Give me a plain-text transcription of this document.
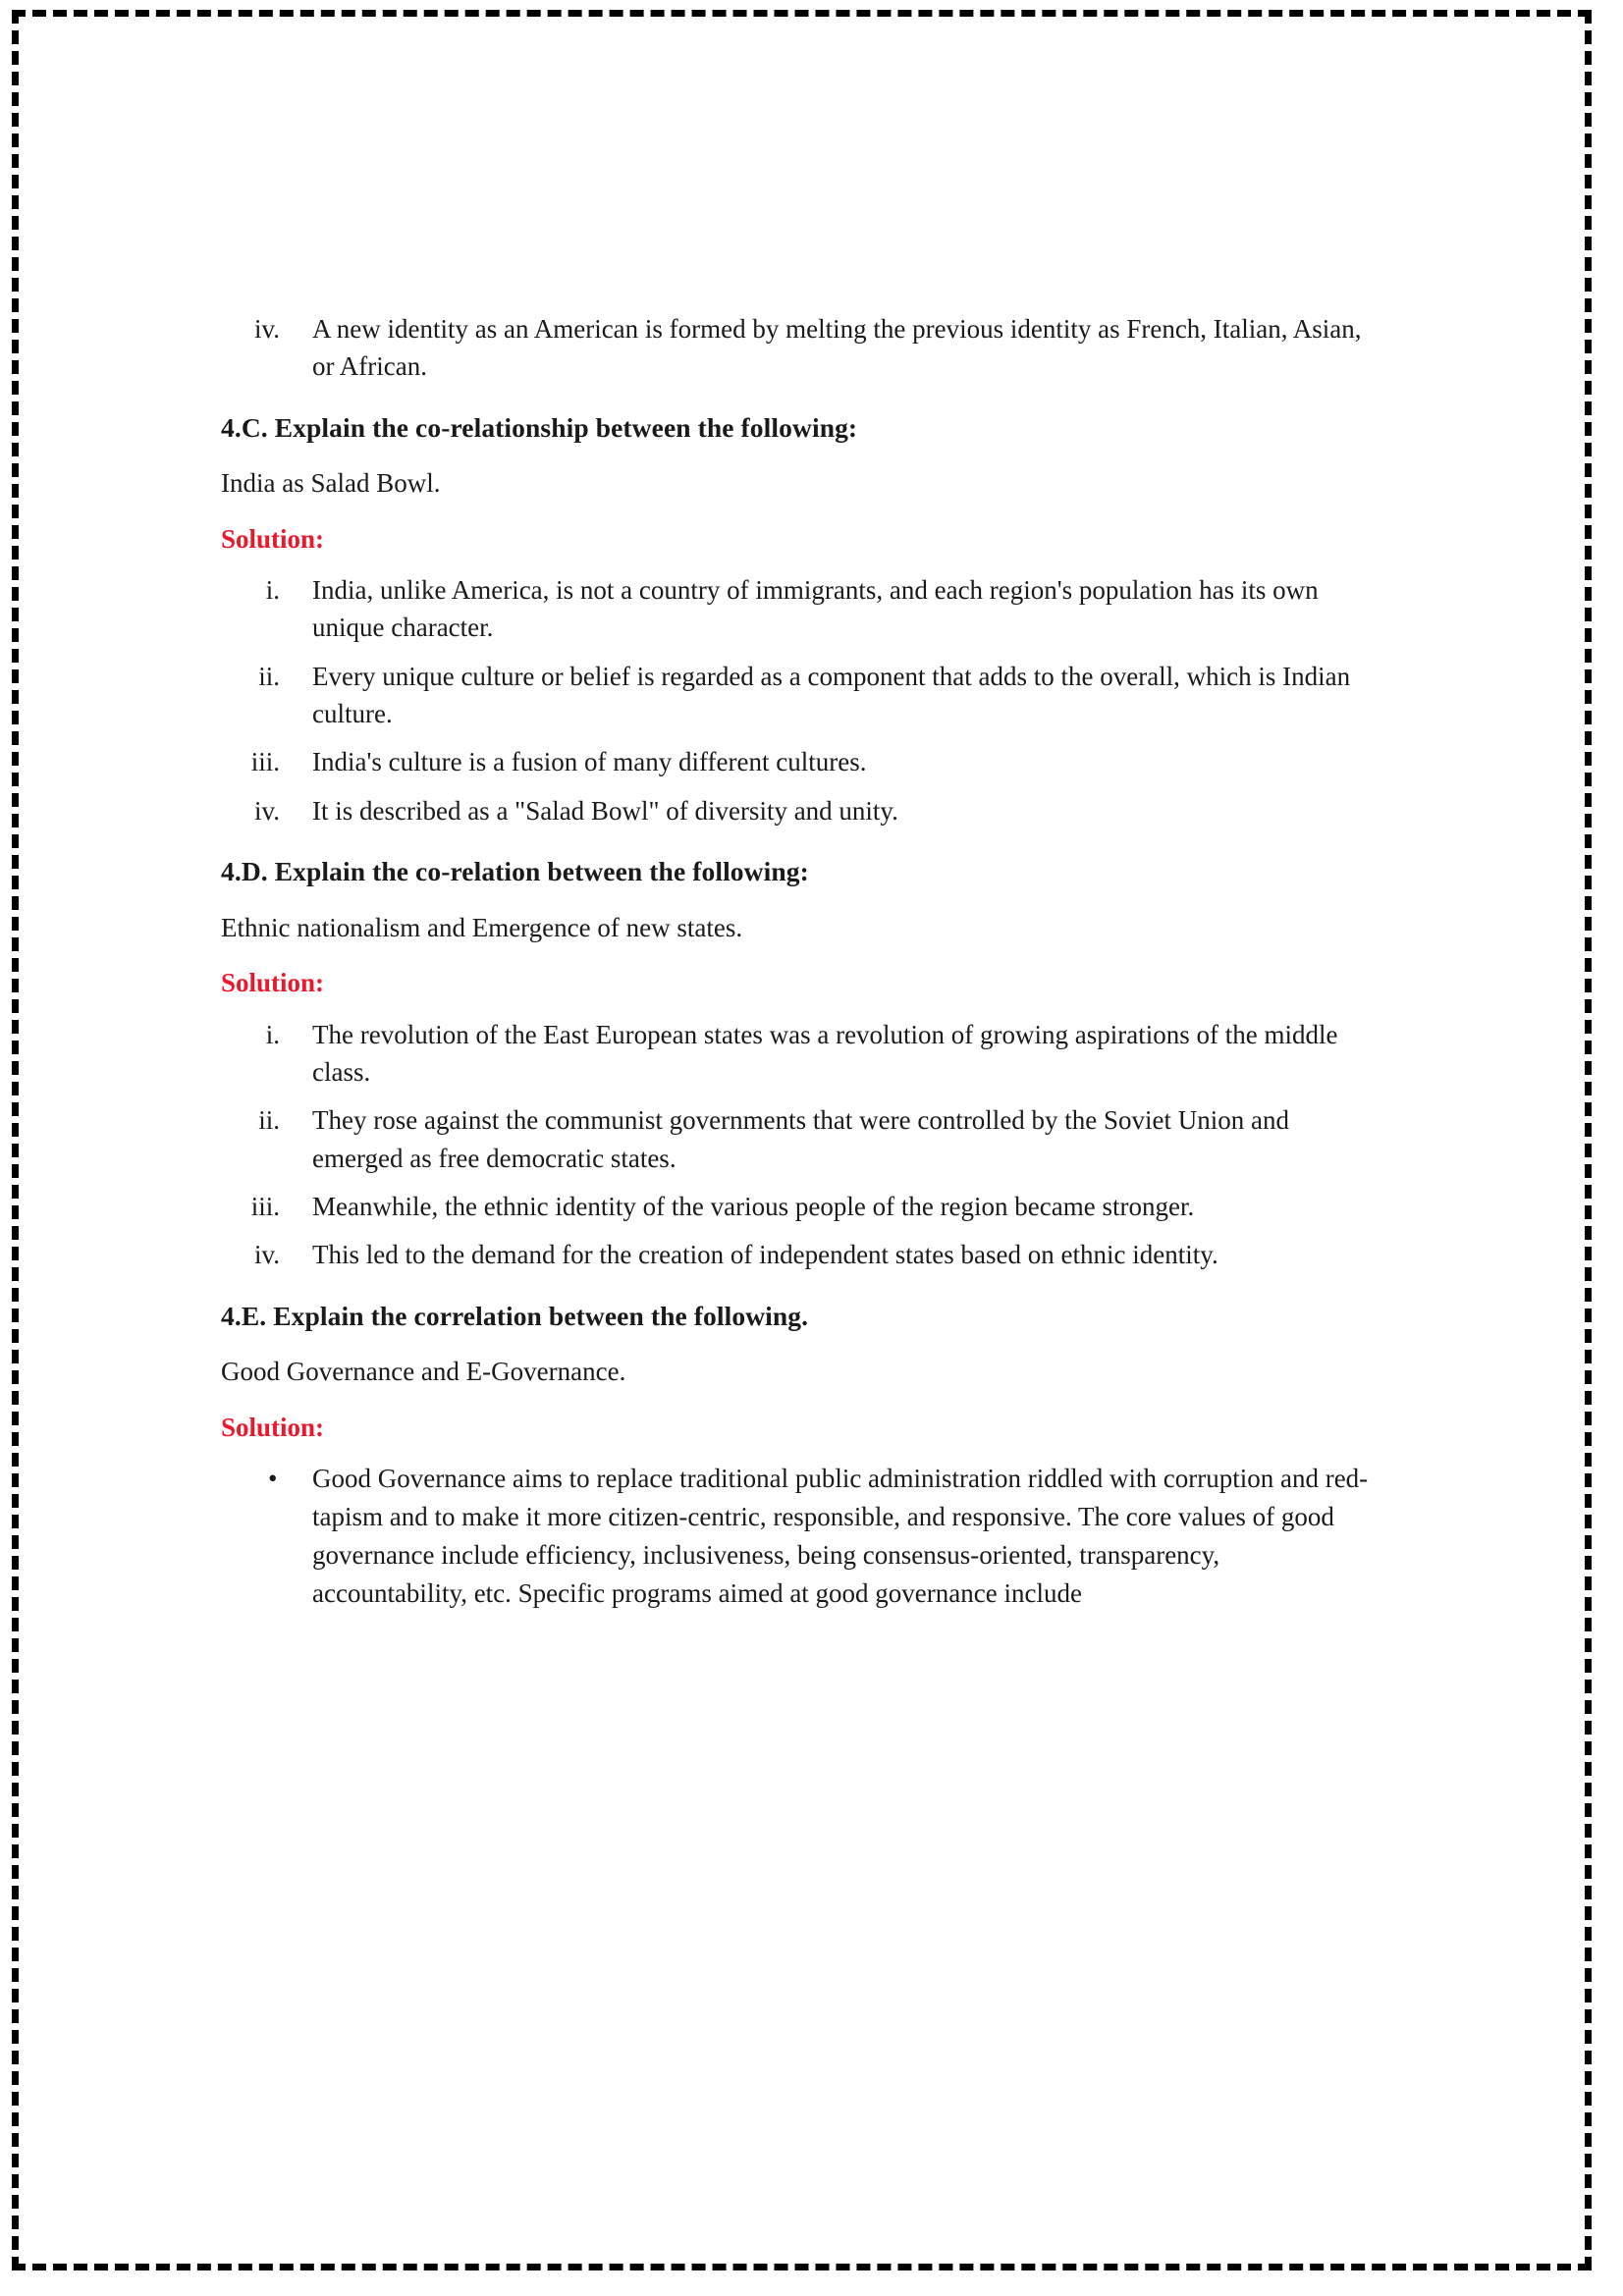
iv. A new identity as an American is formed by melting the previous identity as French, Italian, Asian, or African.

4.C. Explain the co-relationship between the following:

India as Salad Bowl.

Solution:

i. India, unlike America, is not a country of immigrants, and each region's population has its own unique character.
ii. Every unique culture or belief is regarded as a component that adds to the overall, which is Indian culture.
iii. India's culture is a fusion of many different cultures.
iv. It is described as a "Salad Bowl" of diversity and unity.

4.D. Explain the co-relation between the following:

Ethnic nationalism and Emergence of new states.

Solution:

i. The revolution of the East European states was a revolution of growing aspirations of the middle class.
ii. They rose against the communist governments that were controlled by the Soviet Union and emerged as free democratic states.
iii. Meanwhile, the ethnic identity of the various people of the region became stronger.
iv. This led to the demand for the creation of independent states based on ethnic identity.

4.E. Explain the correlation between the following.

Good Governance and E-Governance.

Solution:

• Good Governance aims to replace traditional public administration riddled with corruption and red-tapism and to make it more citizen-centric, responsible, and responsive. The core values of good governance include efficiency, inclusiveness, being consensus-oriented, transparency, accountability, etc. Specific programs aimed at good governance include
